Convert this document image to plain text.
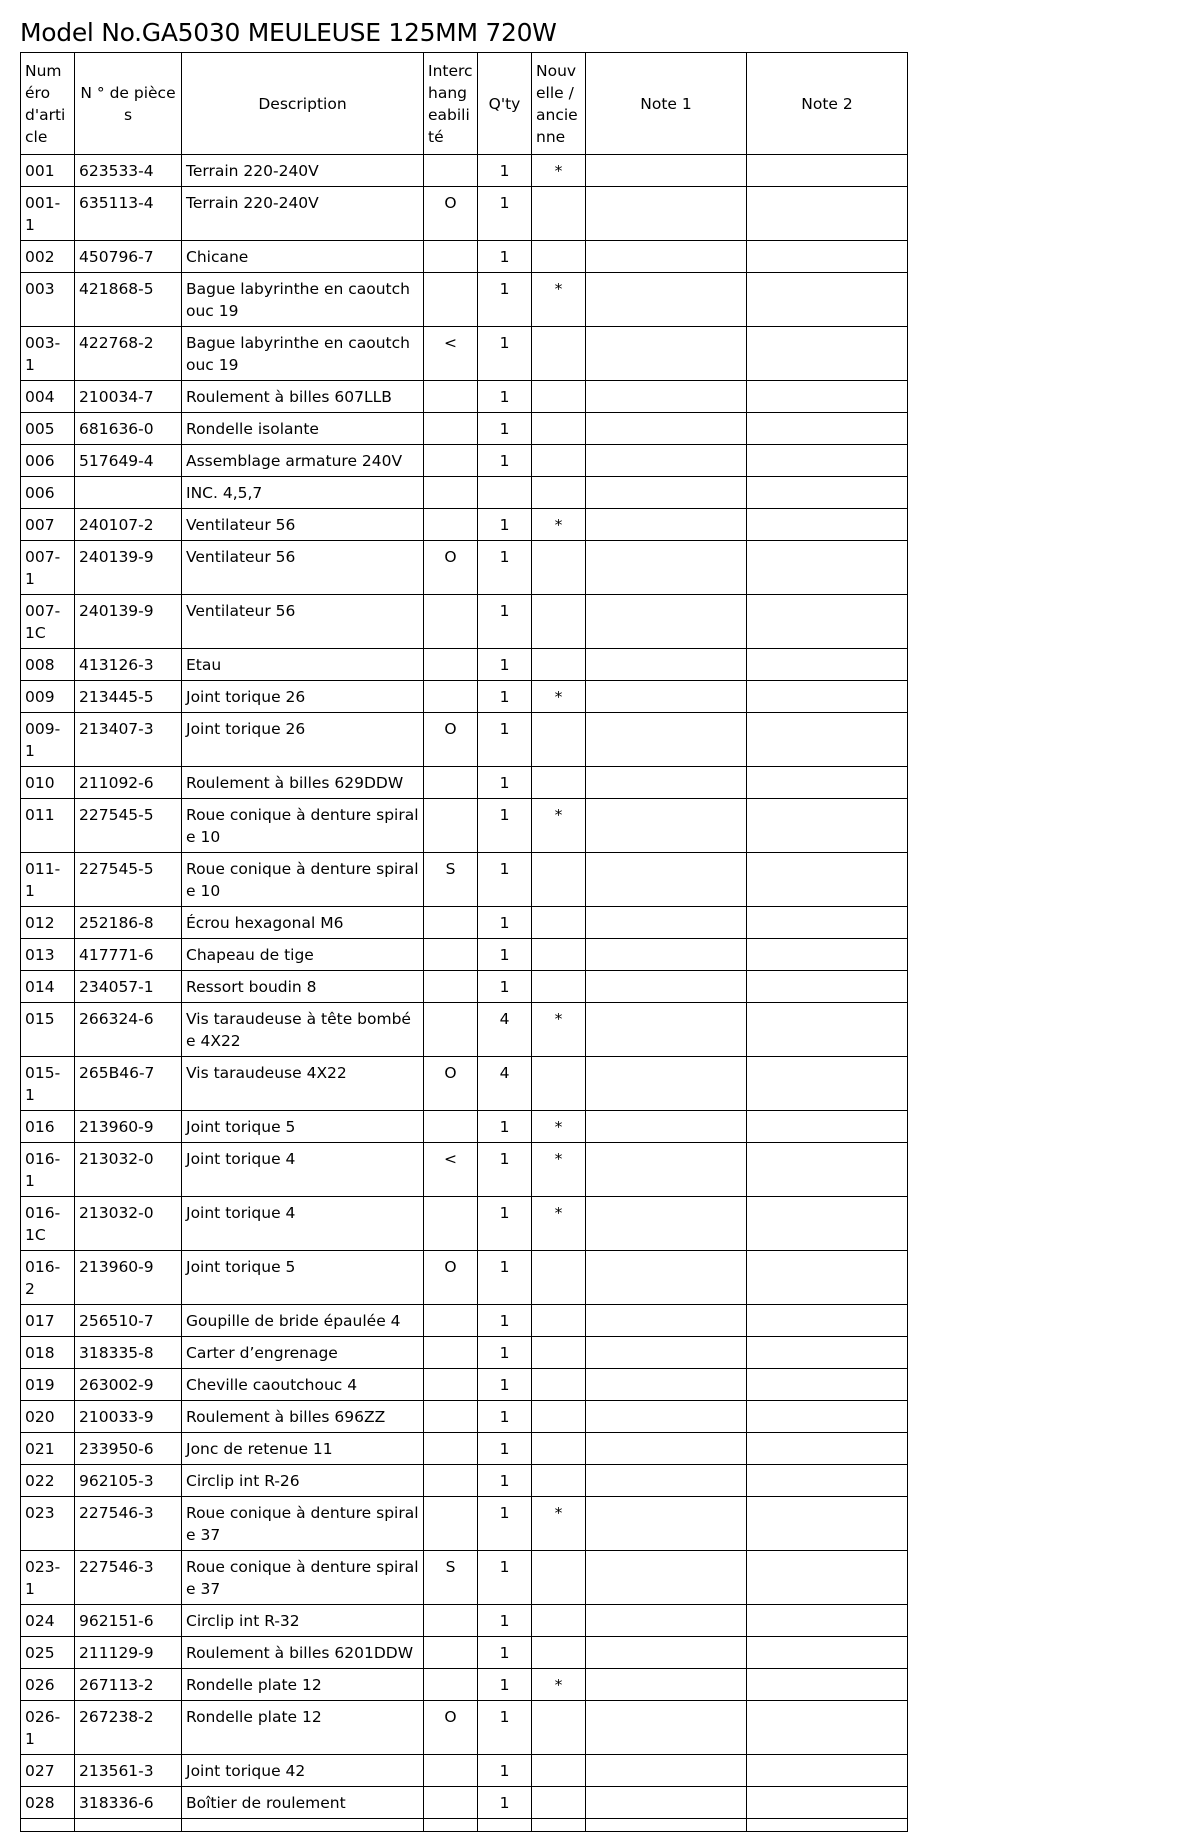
Model No.GA5030 MEULEUSE 125MM 720W
Numéro d'article	N ° de pièces	Description	Interchangeabilité	Q'ty	Nouvelle / ancienne	Note 1	Note 2
001	623533-4	Terrain 220-240V		1	*		
001-1	635113-4	Terrain 220-240V	O	1			
002	450796-7	Chicane		1			
003	421868-5	Bague labyrinthe en caoutchouc 19		1	*		
003-1	422768-2	Bague labyrinthe en caoutchouc 19	<	1			
004	210034-7	Roulement à billes 607LLB		1			
005	681636-0	Rondelle isolante		1			
006	517649-4	Assemblage armature 240V		1			
006		INC. 4,5,7					
007	240107-2	Ventilateur 56		1	*		
007-1	240139-9	Ventilateur 56	O	1			
007-1C	240139-9	Ventilateur 56		1			
008	413126-3	Etau		1			
009	213445-5	Joint torique 26		1	*		
009-1	213407-3	Joint torique 26	O	1			
010	211092-6	Roulement à billes 629DDW		1			
011	227545-5	Roue conique à denture spirale 10		1	*		
011-1	227545-5	Roue conique à denture spirale 10	S	1			
012	252186-8	Écrou hexagonal M6		1			
013	417771-6	Chapeau de tige		1			
014	234057-1	Ressort boudin 8		1			
015	266324-6	Vis taraudeuse à tête bombée 4X22		4	*		
015-1	265B46-7	Vis taraudeuse 4X22	O	4			
016	213960-9	Joint torique 5		1	*		
016-1	213032-0	Joint torique 4	<	1	*		
016-1C	213032-0	Joint torique 4		1	*		
016-2	213960-9	Joint torique 5	O	1			
017	256510-7	Goupille de bride épaulée 4		1			
018	318335-8	Carter d’engrenage		1			
019	263002-9	Cheville caoutchouc 4		1			
020	210033-9	Roulement à billes 696ZZ		1			
021	233950-6	Jonc de retenue 11		1			
022	962105-3	Circlip int R-26		1			
023	227546-3	Roue conique à denture spirale 37		1	*		
023-1	227546-3	Roue conique à denture spirale 37	S	1			
024	962151-6	Circlip int R-32		1			
025	211129-9	Roulement à billes 6201DDW		1			
026	267113-2	Rondelle plate 12		1	*		
026-1	267238-2	Rondelle plate 12	O	1			
027	213561-3	Joint torique 42		1			
028	318336-6	Boîtier de roulement		1			
